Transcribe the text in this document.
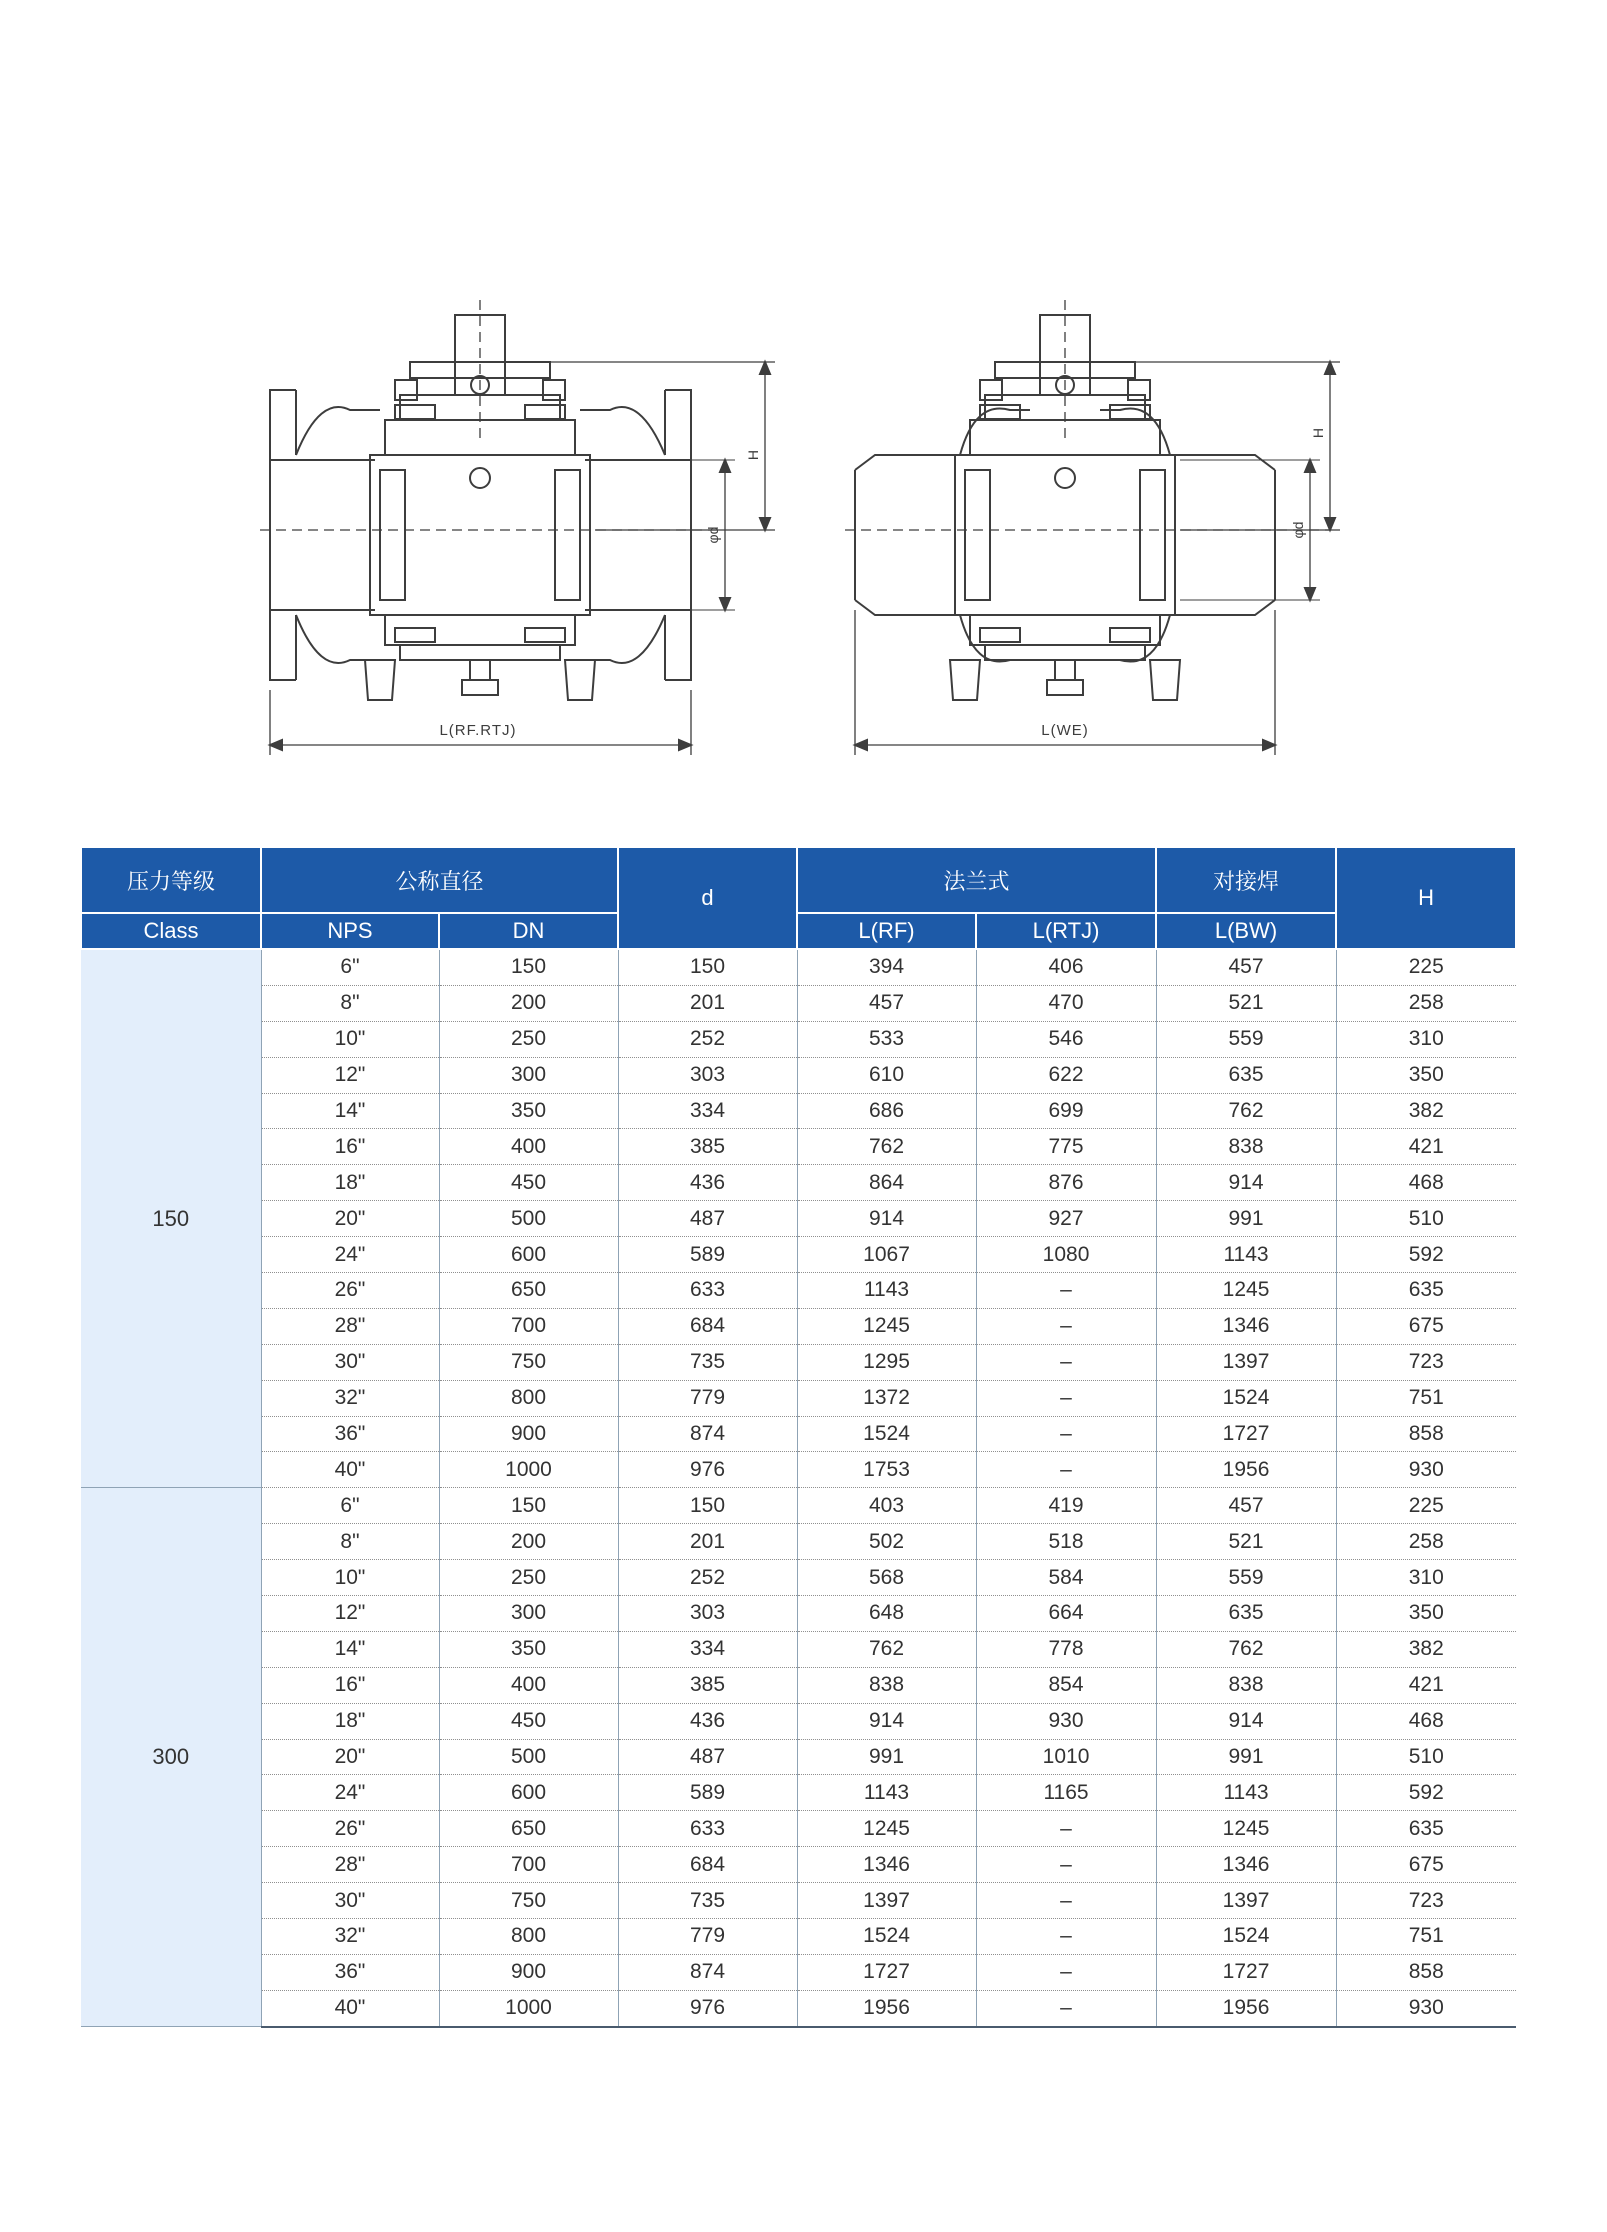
L(RF.RTJ)
H
φd
L(WE)
H
φd
压力等级	公称直径		d	法兰式		对接焊	H
Class	NPS	DN		L(RF)	L(RTJ)	L(BW)	
150	6"	150	150	394	406	457	225
	8"	200	201	457	470	521	258
	10"	250	252	533	546	559	310
	12"	300	303	610	622	635	350
	14"	350	334	686	699	762	382
	16"	400	385	762	775	838	421
	18"	450	436	864	876	914	468
	20"	500	487	914	927	991	510
	24"	600	589	1067	1080	1143	592
	26"	650	633	1143	–	1245	635
	28"	700	684	1245	–	1346	675
	30"	750	735	1295	–	1397	723
	32"	800	779	1372	–	1524	751
	36"	900	874	1524	–	1727	858
	40"	1000	976	1753	–	1956	930
300	6"	150	150	403	419	457	225
	8"	200	201	502	518	521	258
	10"	250	252	568	584	559	310
	12"	300	303	648	664	635	350
	14"	350	334	762	778	762	382
	16"	400	385	838	854	838	421
	18"	450	436	914	930	914	468
	20"	500	487	991	1010	991	510
	24"	600	589	1143	1165	1143	592
	26"	650	633	1245	–	1245	635
	28"	700	684	1346	–	1346	675
	30"	750	735	1397	–	1397	723
	32"	800	779	1524	–	1524	751
	36"	900	874	1727	–	1727	858
	40"	1000	976	1956	–	1956	930
